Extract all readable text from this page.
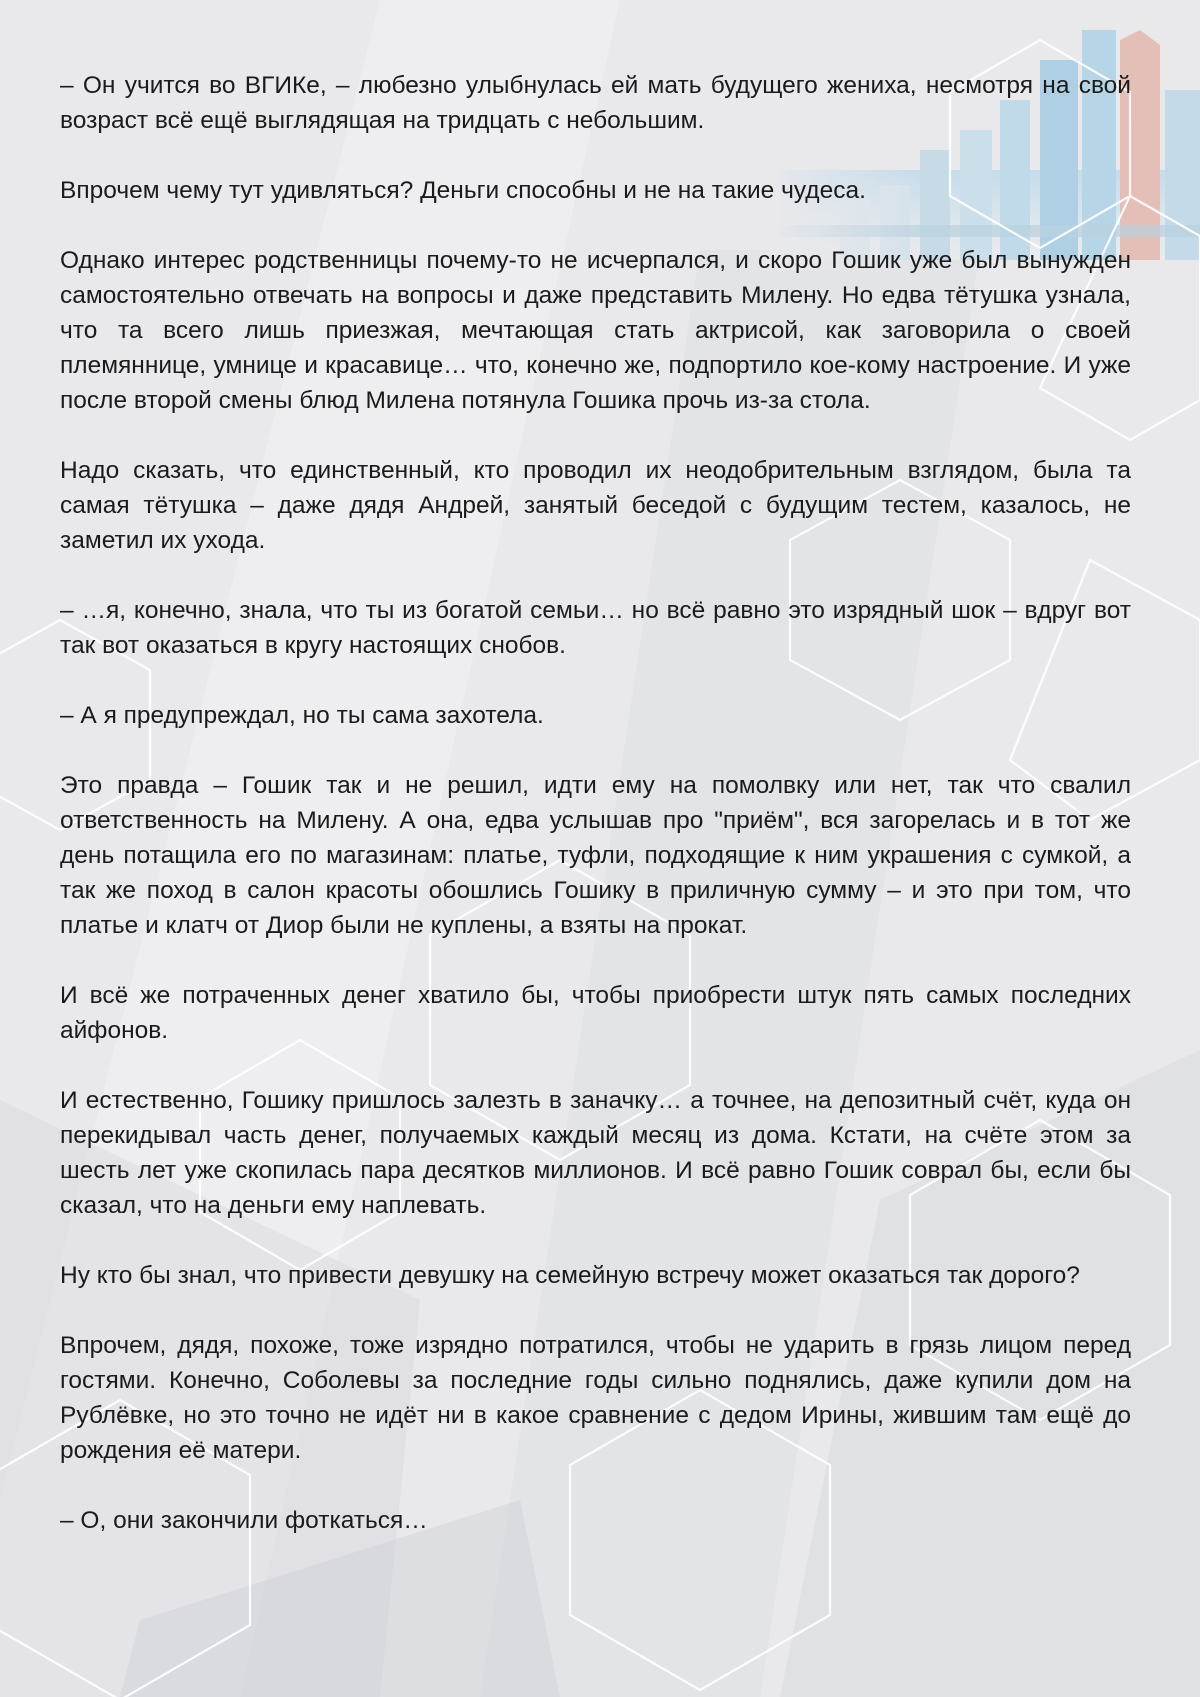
– Он учится во ВГИКе, – любезно улыбнулась ей мать будущего жениха, несмотря на свой возраст всё ещё выглядящая на тридцать с небольшим.

Впрочем чему тут удивляться? Деньги способны и не на такие чудеса.

Однако интерес родственницы почему-то не исчерпался, и скоро Гошик уже был вынужден самостоятельно отвечать на вопросы и даже представить Милену. Но едва тётушка узнала, что та всего лишь приезжая, мечтающая стать актрисой, как заговорила о своей племяннице, умнице и красавице… что, конечно же, подпортило кое-кому настроение. И уже после второй смены блюд Милена потянула Гошика прочь из-за стола.

Надо сказать, что единственный, кто проводил их неодобрительным взглядом, была та самая тётушка – даже дядя Андрей, занятый беседой с будущим тестем, казалось, не заметил их ухода.

– …я, конечно, знала, что ты из богатой семьи… но всё равно это изрядный шок – вдруг вот так вот оказаться в кругу настоящих снобов.

– А я предупреждал, но ты сама захотела.

Это правда – Гошик так и не решил, идти ему на помолвку или нет, так что свалил ответственность на Милену. А она, едва услышав про "приём", вся загорелась и в тот же день потащила его по магазинам: платье, туфли, подходящие к ним украшения с сумкой, а так же поход в салон красоты обошлись Гошику в приличную сумму – и это при том, что платье и клатч от Диор были не куплены, а взяты на прокат.

И всё же потраченных денег хватило бы, чтобы приобрести штук пять самых последних айфонов.

И естественно, Гошику пришлось залезть в заначку… а точнее, на депозитный счёт, куда он перекидывал часть денег, получаемых каждый месяц из дома. Кстати, на счёте этом за шесть лет уже скопилась пара десятков миллионов. И всё равно Гошик соврал бы, если бы сказал, что на деньги ему наплевать.

Ну кто бы знал, что привести девушку на семейную встречу может оказаться так дорого?

Впрочем, дядя, похоже, тоже изрядно потратился, чтобы не ударить в грязь лицом перед гостями. Конечно, Соболевы за последние годы сильно поднялись, даже купили дом на Рублёвке, но это точно не идёт ни в какое сравнение с дедом Ирины, жившим там ещё до рождения её матери.

– О, они закончили фоткаться…
